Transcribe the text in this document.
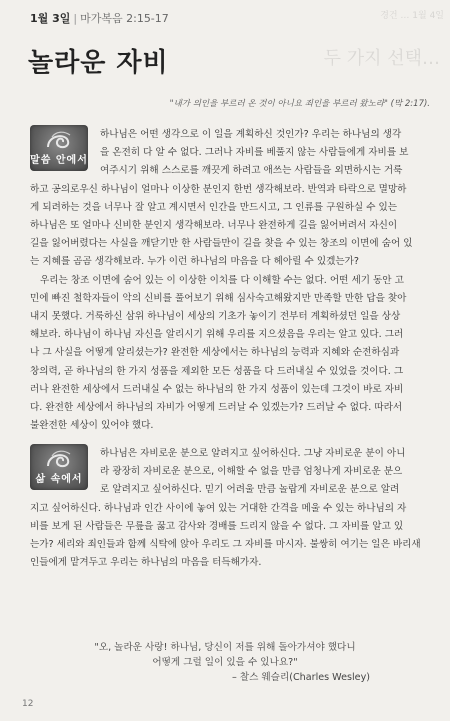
경건 … 1월 4일
두 가지 선택…
1월 3일 | 마가복음 2:15-17
놀라운 자비
"내가 의인을 부르러 온 것이 아니요 죄인을 부르러 왔노라" (막 2:17).
말씀 안에서
하나님은 어떤 생각으로 이 일을 계획하신 것인가? 우리는 하나님의 생각
을 온전히 다 알 수 없다. 그러나 자비를 베풀지 않는 사람들에게 자비를 보
여주시기 위해 스스로를 깨끗게 하려고 애쓰는 사람들을 외면하시는 거룩
하고 공의로우신 하나님이 얼마나 이상한 분인지 한번 생각해보라. 반역과 타락으로 멸망하
게 되려하는 것을 너무나 잘 알고 계시면서 인간을 만드시고, 그 인류를 구원하실 수 있는
하나님은 또 얼마나 신비한 분인지 생각해보라. 너무나 완전하게 길을 잃어버려서 자신이
길을 잃어버렸다는 사실을 깨닫기만 한 사람들만이 길을 찾을 수 있는 창조의 이면에 숨어 있
는 지혜를 곰곰 생각해보라. 누가 이런 하나님의 마음을 다 헤아릴 수 있겠는가?
우리는 창조 이면에 숨어 있는 이 이상한 이치를 다 이해할 수는 없다. 어떤 세기 동안 고
민에 빠진 철학자들이 악의 신비를 풀어보기 위해 심사숙고해왔지만 만족할 만한 답을 찾아
내지 못했다. 거룩하신 삼위 하나님이 세상의 기초가 놓이기 전부터 계획하셨던 일을 상상
해보라. 하나님이 하나님 자신을 알리시기 위해 우리를 지으셨음을 우리는 알고 있다. 그러
나 그 사실을 어떻게 알리셨는가? 완전한 세상에서는 하나님의 능력과 지혜와 순전하심과
창의력, 곧 하나님의 한 가지 성품을 제외한 모든 성품을 다 드러내실 수 있었을 것이다. 그
러나 완전한 세상에서 드러내실 수 없는 하나님의 한 가지 성품이 있는데 그것이 바로 자비
다. 완전한 세상에서 하나님의 자비가 어떻게 드러날 수 있겠는가? 드러날 수 없다. 따라서
불완전한 세상이 있어야 했다.
삶 속에서
하나님은 자비로운 분으로 알려지고 싶어하신다. 그냥 자비로운 분이 아니
라 광장히 자비로운 분으로, 이해할 수 없을 만큼 엄청나게 자비로운 분으
로 알려지고 싶어하신다. 믿기 어려울 만큼 놀랍게 자비로운 분으로 알려
지고 싶어하신다. 하나님과 인간 사이에 놓여 있는 거대한 간격을 메울 수 있는 하나님의 자
비를 보게 된 사람들은 무릎을 꿇고 감사와 경배를 드리지 않을 수 없다. 그 자비를 알고 있
는가? 세리와 죄인들과 함께 식탁에 앉아 우리도 그 자비를 마시자. 불쌍히 여기는 일은 바리새
인들에게 맡겨두고 우리는 하나님의 마음을 터득해가자.
"오, 놀라운 사랑! 하나님, 당신이 저를 위해 돌아가셔야 했다니
어떻게 그럴 일이 있을 수 있나요?"
– 찰스 웨슬리(Charles Wesley)
12
